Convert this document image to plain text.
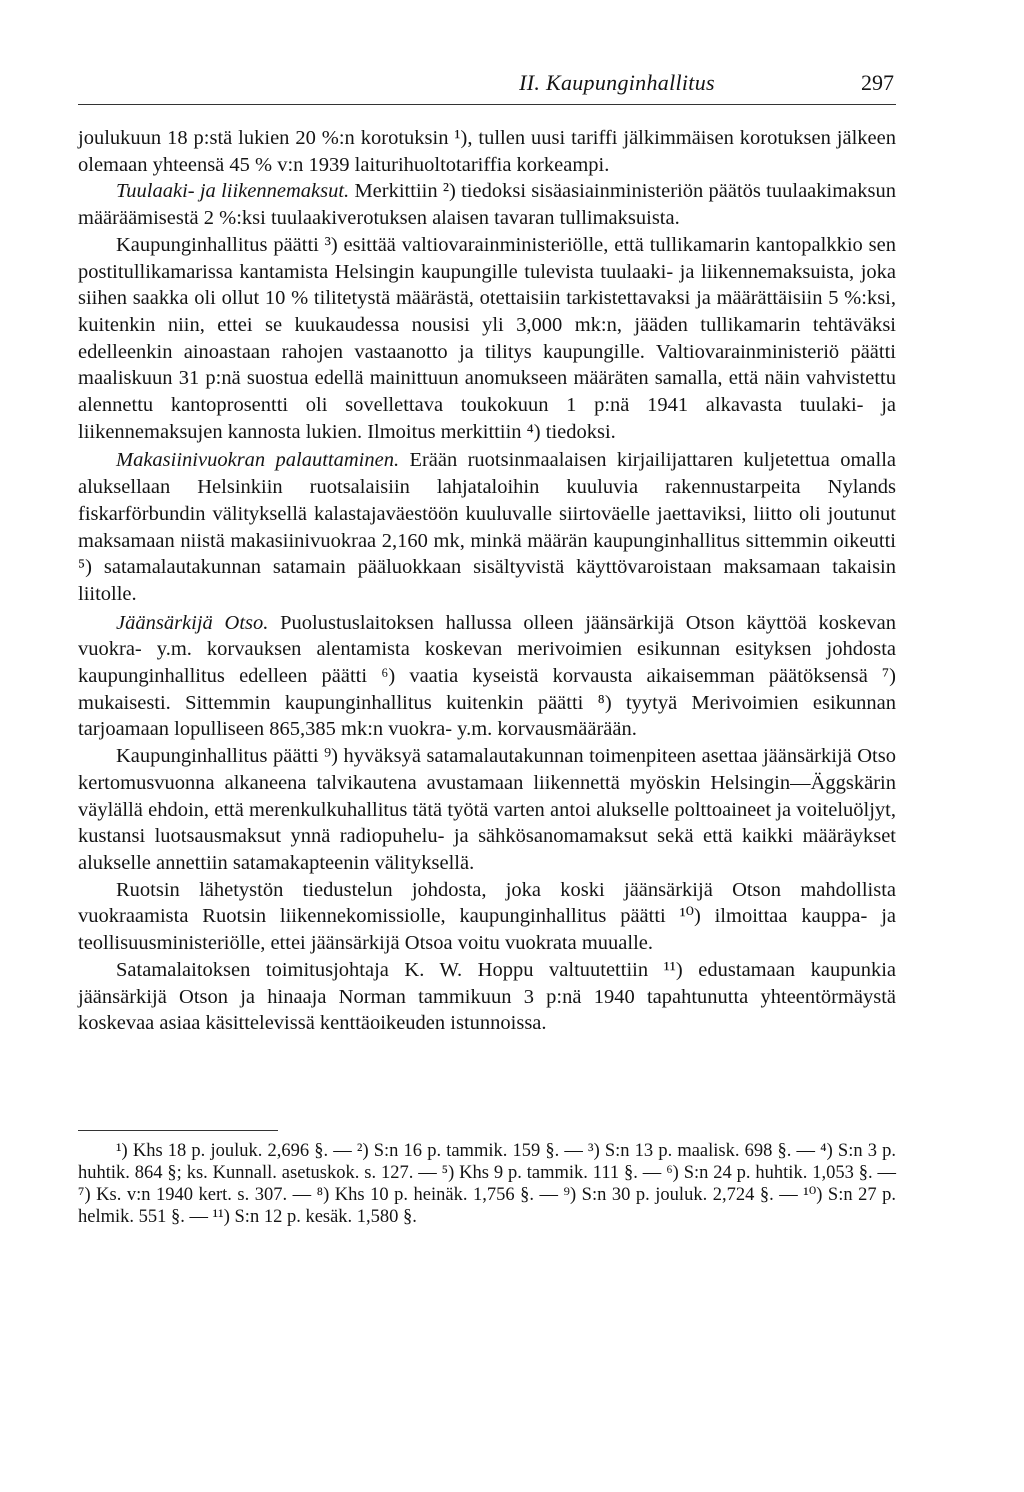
II. Kaupunginhallitus	297

joulukuun 18 p:stä lukien 20 %:n korotuksin ¹), tullen uusi tariffi jälkimmäisen korotuksen jälkeen olemaan yhteensä 45 % v:n 1939 laiturihuoltotariffia korkeampi.

Tuulaaki- ja liikennemaksut. Merkittiin ²) tiedoksi sisäasiainministeriön päätös tuulaakimaksun määräämisestä 2 %:ksi tuulaakiverotuksen alaisen tavaran tullimaksuista.

Kaupunginhallitus päätti ³) esittää valtiovarainministeriölle, että tullikamarin kantopalkkio sen postitullikamarissa kantamista Helsingin kaupungille tulevista tuulaaki- ja liikennemaksuista, joka siihen saakka oli ollut 10 % tilitetystä määrästä, otettaisiin tarkistettavaksi ja määrättäisiin 5 %:ksi, kuitenkin niin, ettei se kuukaudessa nousisi yli 3,000 mk:n, jääden tullikamarin tehtäväksi edelleenkin ainoastaan rahojen vastaanotto ja tilitys kaupungille. Valtiovarainministeriö päätti maaliskuun 31 p:nä suostua edellä mainittuun anomukseen määräten samalla, että näin vahvistettu alennettu kantoprosentti oli sovellettava toukokuun 1 p:nä 1941 alkavasta tuulaki- ja liikennemaksujen kannosta lukien. Ilmoitus merkittiin ⁴) tiedoksi.

Makasiinivuokran palauttaminen. Erään ruotsinmaalaisen kirjailijattaren kuljetettua omalla aluksellaan Helsinkiin ruotsalaisiin lahjataloihin kuuluvia rakennustarpeita Nylands fiskarförbundin välityksellä kalastajaväestöön kuuluvalle siirtoväelle jaettaviksi, liitto oli joutunut maksamaan niistä makasiinivuokraa 2,160 mk, minkä määrän kaupunginhallitus sittemmin oikeutti ⁵) satamalautakunnan satamain pääluokkaan sisältyvistä käyttövaroistaan maksamaan takaisin liitolle.

Jäänsärkijä Otso. Puolustuslaitoksen hallussa olleen jäänsärkijä Otson käyttöä koskevan vuokra- y.m. korvauksen alentamista koskevan merivoimien esikunnan esityksen johdosta kaupunginhallitus edelleen päätti ⁶) vaatia kyseistä korvausta aikaisemman päätöksensä ⁷) mukaisesti. Sittemmin kaupunginhallitus kuitenkin päätti ⁸) tyytyä Merivoimien esikunnan tarjoamaan lopulliseen 865,385 mk:n vuokra- y.m. korvausmäärään.

Kaupunginhallitus päätti ⁹) hyväksyä satamalautakunnan toimenpiteen asettaa jäänsärkijä Otso kertomusvuonna alkaneena talvikautena avustamaan liikennettä myöskin Helsingin—Äggskärin väylällä ehdoin, että merenkulkuhallitus tätä työtä varten antoi alukselle polttoaineet ja voiteluöljyt, kustansi luotsausmaksut ynnä radiopuhelu- ja sähkösanomamaksut sekä että kaikki määräykset alukselle annettiin satamakapteenin välityksellä.

Ruotsin lähetystön tiedustelun johdosta, joka koski jäänsärkijä Otson mahdollista vuokraamista Ruotsin liikennekomissiolle, kaupunginhallitus päätti ¹⁰) ilmoittaa kauppa- ja teollisuusministeriölle, ettei jäänsärkijä Otsoa voitu vuokrata muualle.

Satamalaitoksen toimitusjohtaja K. W. Hoppu valtuutettiin ¹¹) edustamaan kaupunkia jäänsärkijä Otson ja hinaaja Norman tammikuun 3 p:nä 1940 tapahtunutta yhteentörmäystä koskevaa asiaa käsittelevissä kenttäoikeuden istunnoissa.

¹) Khs 18 p. jouluk. 2,696 §. — ²) S:n 16 p. tammik. 159 §. — ³) S:n 13 p. maalisk. 698 §. — ⁴) S:n 3 p. huhtik. 864 §; ks. Kunnall. asetuskok. s. 127. — ⁵) Khs 9 p. tammik. 111 §. — ⁶) S:n 24 p. huhtik. 1,053 §. — ⁷) Ks. v:n 1940 kert. s. 307. — ⁸) Khs 10 p. heinäk. 1,756 §. — ⁹) S:n 30 p. jouluk. 2,724 §. — ¹⁰) S:n 27 p. helmik. 551 §. — ¹¹) S:n 12 p. kesäk. 1,580 §.
